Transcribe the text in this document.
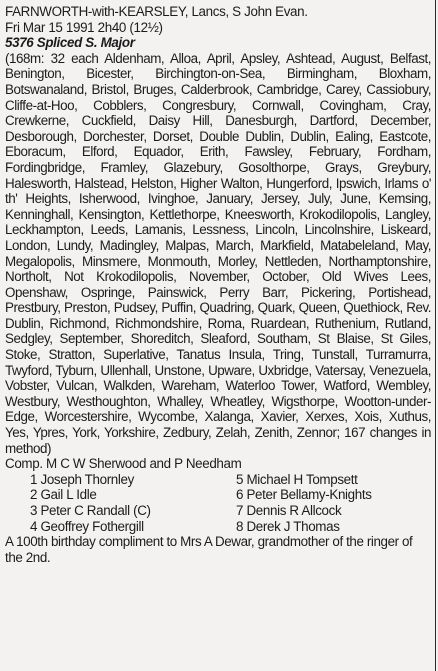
FARNWORTH-with-KEARSLEY, Lancs, S John Evan.
Fri Mar 15 1991 2h40 (12½)
5376 Spliced S. Major
(168m: 32 each Aldenham, Alloa, April, Apsley, Ashtead, August, Belfast, Benington, Bicester, Birchington-on-Sea, Birmingham, Bloxham, Botswanaland, Bristol, Bruges, Calderbrook, Cambridge, Carey, Cassiobury, Cliffe-at-Hoo, Cobblers, Congresbury, Cornwall, Covingham, Cray, Crewkerne, Cuckfield, Daisy Hill, Danesburgh, Dartford, December, Desborough, Dorchester, Dorset, Double Dublin, Dublin, Ealing, Eastcote, Eboracum, Elford, Equador, Erith, Fawsley, February, Fordham, Fordingbridge, Framley, Glazebury, Gosolthorpe, Grays, Greybury, Halesworth, Halstead, Helston, Higher Walton, Hungerford, Ipswich, Irlams o' th' Heights, Isherwood, Ivinghoe, January, Jersey, July, June, Kemsing, Kenninghall, Kensington, Kettlethorpe, Kneesworth, Krokodilopolis, Langley, Leckhampton, Leeds, Lamanis, Lessness, Lincoln, Lincolnshire, Liskeard, London, Lundy, Madingley, Malpas, March, Markfield, Matabeleland, May, Megalopolis, Minsmere, Monmouth, Morley, Nettleden, Northamptonshire, Northolt, Not Krokodilopolis, November, October, Old Wives Lees, Openshaw, Ospringe, Painswick, Perry Barr, Pickering, Portishead, Prestbury, Preston, Pudsey, Puffin, Quadring, Quark, Queen, Quethiock, Rev. Dublin, Richmond, Richmondshire, Roma, Ruardean, Ruthenium, Rutland, Sedgley, September, Shoreditch, Sleaford, Southam, St Blaise, St Giles, Stoke, Stratton, Superlative, Tanatus Insula, Tring, Tunstall, Turramurra, Twyford, Tyburn, Ullenhall, Unstone, Upware, Uxbridge, Vatersay, Venezuela, Vobster, Vulcan, Walkden, Wareham, Waterloo Tower, Watford, Wembley, Westbury, Westhoughton, Whalley, Wheatley, Wigsthorpe, Wootton-under-Edge, Worcestershire, Wycombe, Xalanga, Xavier, Xerxes, Xois, Xuthus, Yes, Ypres, York, Yorkshire, Zedbury, Zelah, Zenith, Zennor; 167 changes in method)
Comp. M C W Sherwood and P Needham
1 Joseph Thornley	5 Michael H Tompsett
2 Gail L Idle	6 Peter Bellamy-Knights
3 Peter C Randall (C)	7 Dennis R Allcock
4 Geoffrey Fothergill	8 Derek J Thomas
A 100th birthday compliment to Mrs A Dewar, grandmother of the ringer of the 2nd.
